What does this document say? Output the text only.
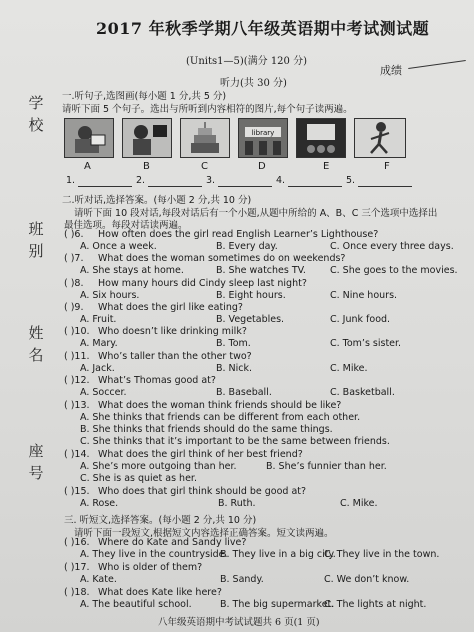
2017 年秋季学期八年级英语期中考试测试题
(Units1—5)(满分 120 分)
成绩
听力(共 30 分)
学校
班别
姓名
座号
一.听句子,选图画(每小题 1 分,共 5 分)
请听下面 5 个句子。选出与所听到内容相符的图片,每个句子读两遍。
library
A	B	C	D	E	F
1.	2.	3.	4.	5.
二.听对话,选择答案。(每小题 2 分,共 10 分)
请听下面 10 段对话,每段对话后有一个小题,从题中所给的 A、B、C 三个选项中选择出
最佳选项。每段对话读两遍。
( )6. How often does the girl read English Learner’s Lighthouse?
A. Once a week.	B. Every day.	C. Once every three days.
( )7. What does the woman sometimes do on weekends?
A. She stays at home.	B. She watches TV.	C. She goes to the movies.
( )8. How many hours did Cindy sleep last night?
A. Six hours.	B. Eight hours.	C. Nine hours.
( )9. What does the girl like eating?
A. Fruit.	B. Vegetables.	C. Junk food.
( )10. Who doesn’t like drinking milk?
A. Mary.	B. Tom.	C. Tom’s sister.
( )11. Who’s taller than the other two?
A. Jack.	B. Nick.	C. Mike.
( )12. What’s Thomas good at?
A. Soccer.	B. Baseball.	C. Basketball.
( )13. What does the woman think friends should be like?
A. She thinks that friends can be different from each other.
B. She thinks that friends should do the same things.
C. She thinks that it’s important to be the same between friends.
( )14. What does the girl think of her best friend?
A. She’s more outgoing than her.	B. She’s funnier than her.
C. She is as quiet as her.
( )15. Who does that girl think should be good at?
A. Rose.	B. Ruth.	C. Mike.
三. 听短文,选择答案。(每小题 2 分,共 10 分)
请听下面一段短文,根据短文内容选择正确答案。短文读两遍。
( )16. Where do Kate and Sandy live?
A. They live in the countryside.
B. They live in a big city.
C. They live in the town.
( )17. Who is older of them?
A. Kate.	B. Sandy.	C. We don’t know.
( )18. What does Kate like here?
A. The beautiful school.	B. The big supermarket.
C. The lights at night.
八年级英语期中考试试题共 6 页(1 页)
